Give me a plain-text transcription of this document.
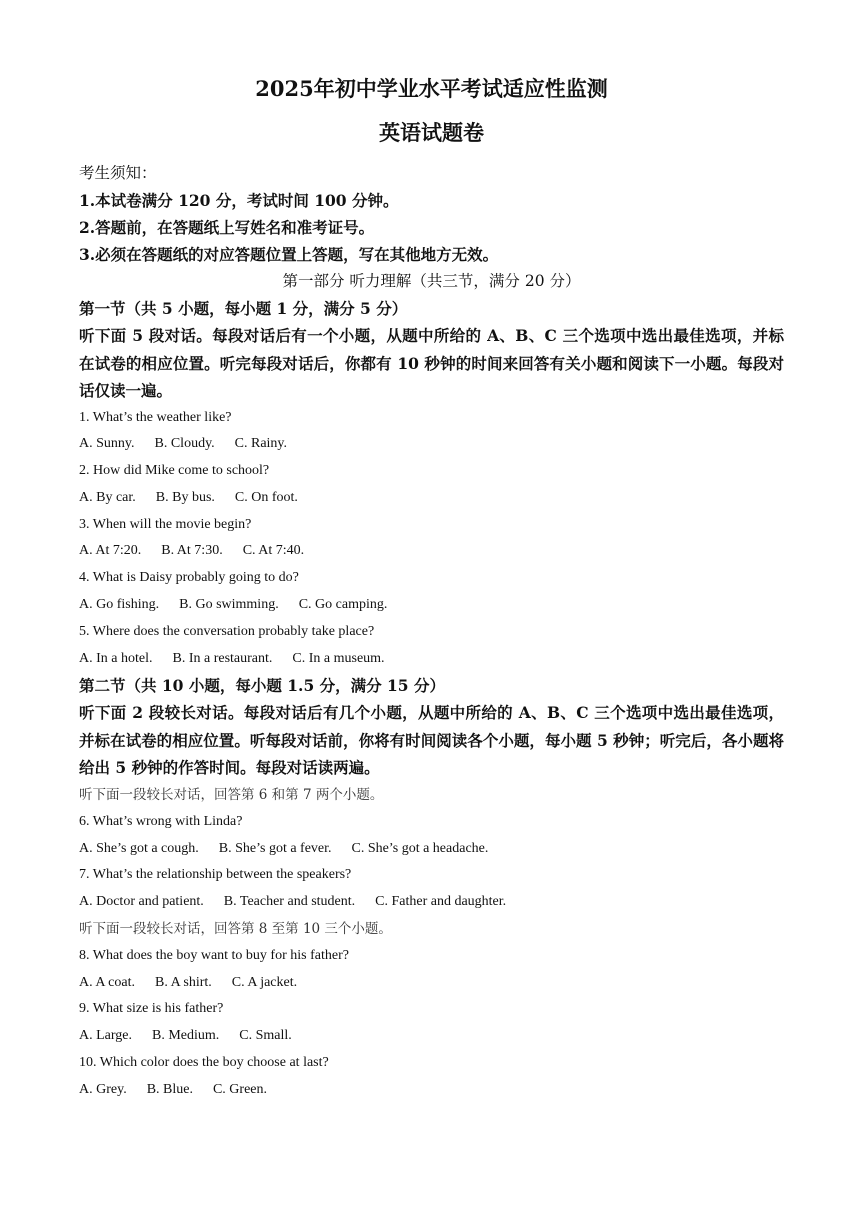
2025年初中学业水平考试适应性监测
英语试题卷

考生须知：

1.本试卷满分 120 分，考试时间 100 分钟。

2.答题前，在答题纸上写姓名和准考证号。

3.必须在答题纸的对应答题位置上答题，写在其他地方无效。

第一部分 听力理解（共三节，满分 20 分）

第一节（共 5 小题，每小题 1 分，满分 5 分）

听下面 5 段对话。每段对话后有一个小题，从题中所给的 A、B、C 三个选项中选出最佳选项，并标在试卷的相应位置。听完每段对话后，你都有 10 秒钟的时间来回答有关小题和阅读下一小题。每段对话仅读一遍。

1. What’s the weather like?

A. Sunny. B. Cloudy. C. Rainy.

2. How did Mike come to school?

A. By car. B. By bus. C. On foot.

3. When will the movie begin?

A. At 7:20. B. At 7:30. C. At 7:40.

4. What is Daisy probably going to do?

A. Go fishing. B. Go swimming. C. Go camping.

5. Where does the conversation probably take place?

A. In a hotel. B. In a restaurant. C. In a museum.

第二节（共 10 小题，每小题 1.5 分，满分 15 分）

听下面 2 段较长对话。每段对话后有几个小题，从题中所给的 A、B、C 三个选项中选出最佳选项，并标在试卷的相应位置。听每段对话前，你将有时间阅读各个小题，每小题 5 秒钟；听完后，各小题将给出 5 秒钟的作答时间。每段对话读两遍。

听下面一段较长对话，回答第 6 和第 7 两个小题。

6. What’s wrong with Linda?

A. She’s got a cough. B. She’s got a fever. C. She’s got a headache.

7. What’s the relationship between the speakers?

A. Doctor and patient. B. Teacher and student. C. Father and daughter.

听下面一段较长对话，回答第 8 至第 10 三个小题。

8. What does the boy want to buy for his father?

A. A coat. B. A shirt. C. A jacket.

9. What size is his father?

A. Large. B. Medium. C. Small.

10. Which color does the boy choose at last?

A. Grey. B. Blue. C. Green.
